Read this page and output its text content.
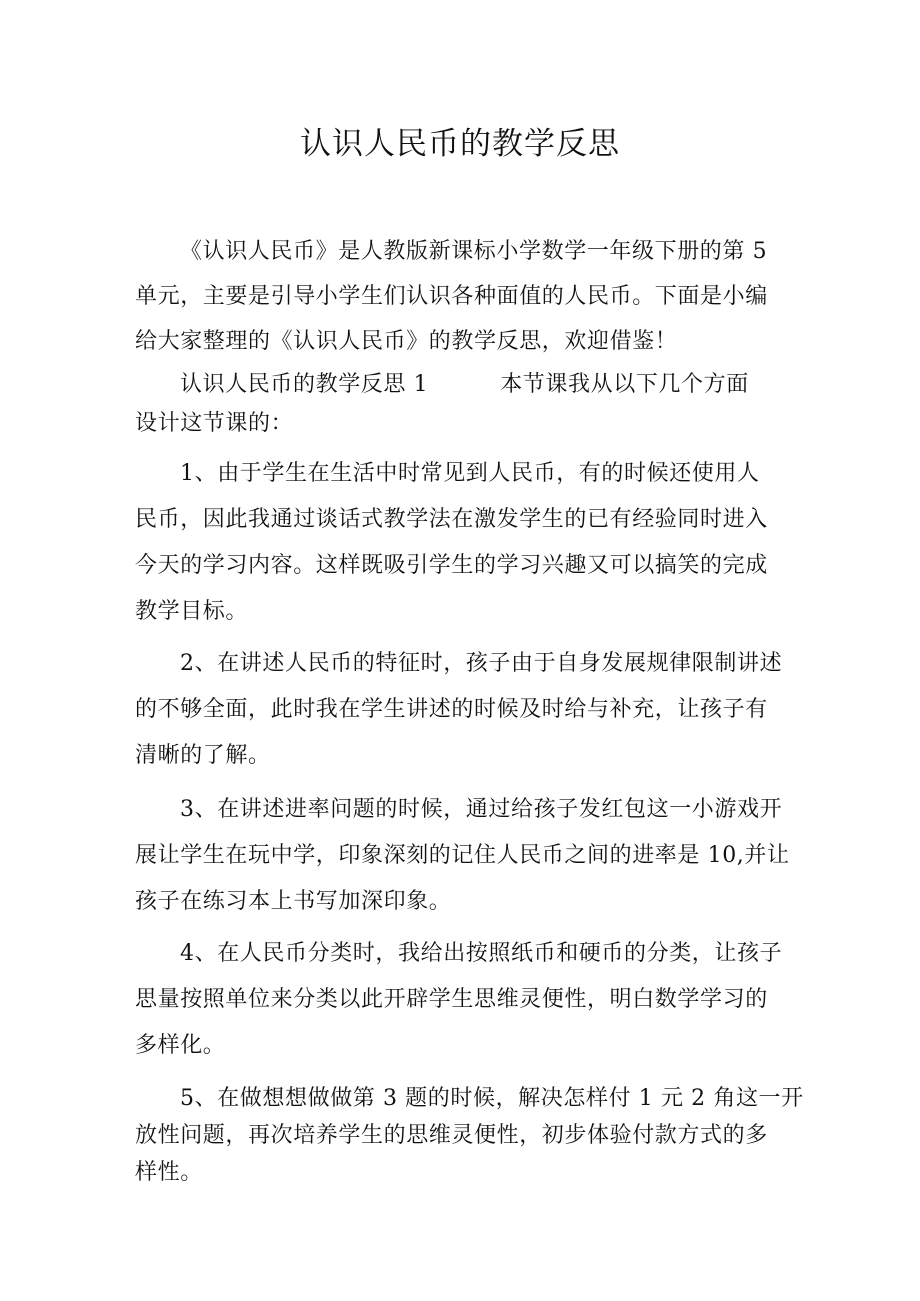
认识人民币的教学反思
《认识人民币》是人教版新课标小学数学一年级下册的第 5
单元，主要是引导小学生们认识各种面值的人民币。下面是小编
给大家整理的《认识人民币》的教学反思，欢迎借鉴！
认识人民币的教学反思 1	本节课我从以下几个方面
设计这节课的：
1、由于学生在生活中时常见到人民币，有的时候还使用人
民币，因此我通过谈话式教学法在激发学生的已有经验同时进入
今天的学习内容。这样既吸引学生的学习兴趣又可以搞笑的完成
教学目标。
2、在讲述人民币的特征时，孩子由于自身发展规律限制讲述
的不够全面，此时我在学生讲述的时候及时给与补充，让孩子有
清晰的了解。
3、在讲述进率问题的时候，通过给孩子发红包这一小游戏开
展让学生在玩中学，印象深刻的记住人民币之间的进率是 10,并让
孩子在练习本上书写加深印象。
4、在人民币分类时，我给出按照纸币和硬币的分类，让孩子
思量按照单位来分类以此开辟学生思维灵便性，明白数学学习的
多样化。
5、在做想想做做第 3 题的时候，解决怎样付 1 元 2 角这一开
放性问题，再次培养学生的思维灵便性，初步体验付款方式的多
样性。
